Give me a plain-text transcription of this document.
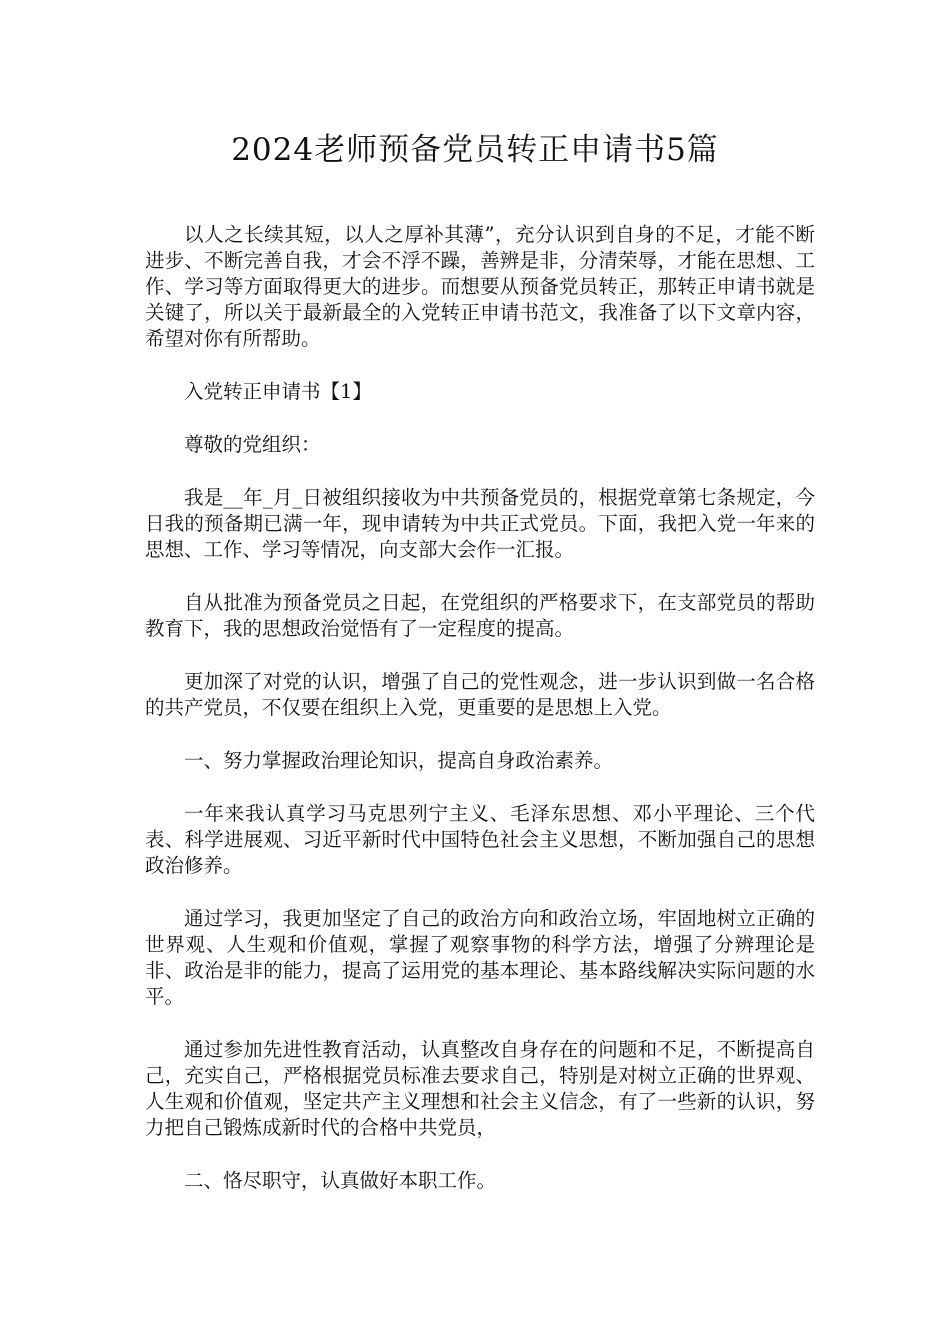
2024老师预备党员转正申请书5篇

以人之长续其短，以人之厚补其薄”，充分认识到自身的不足，才能不断进步、不断完善自我，才会不浮不躁，善辨是非，分清荣辱，才能在思想、工作、学习等方面取得更大的进步。而想要从预备党员转正，那转正申请书就是关键了，所以关于最新最全的入党转正申请书范文，我准备了以下文章内容，希望对你有所帮助。

入党转正申请书【1】

尊敬的党组织：

我是__年_月_日被组织接收为中共预备党员的，根据党章第七条规定，今日我的预备期已满一年，现申请转为中共正式党员。下面，我把入党一年来的思想、工作、学习等情况，向支部大会作一汇报。

自从批准为预备党员之日起，在党组织的严格要求下，在支部党员的帮助教育下，我的思想政治觉悟有了一定程度的提高。

更加深了对党的认识，增强了自己的党性观念，进一步认识到做一名合格的共产党员，不仅要在组织上入党，更重要的是思想上入党。

一、努力掌握政治理论知识，提高自身政治素养。

一年来我认真学习马克思列宁主义、毛泽东思想、邓小平理论、三个代表、科学进展观、习近平新时代中国特色社会主义思想，不断加强自己的思想政治修养。

通过学习，我更加坚定了自己的政治方向和政治立场，牢固地树立正确的世界观、人生观和价值观，掌握了观察事物的科学方法，增强了分辨理论是非、政治是非的能力，提高了运用党的基本理论、基本路线解决实际问题的水平。

通过参加先进性教育活动，认真整改自身存在的问题和不足，不断提高自己，充实自己，严格根据党员标准去要求自己，特别是对树立正确的世界观、人生观和价值观，坚定共产主义理想和社会主义信念，有了一些新的认识，努力把自己锻炼成新时代的合格中共党员，

二、恪尽职守，认真做好本职工作。
